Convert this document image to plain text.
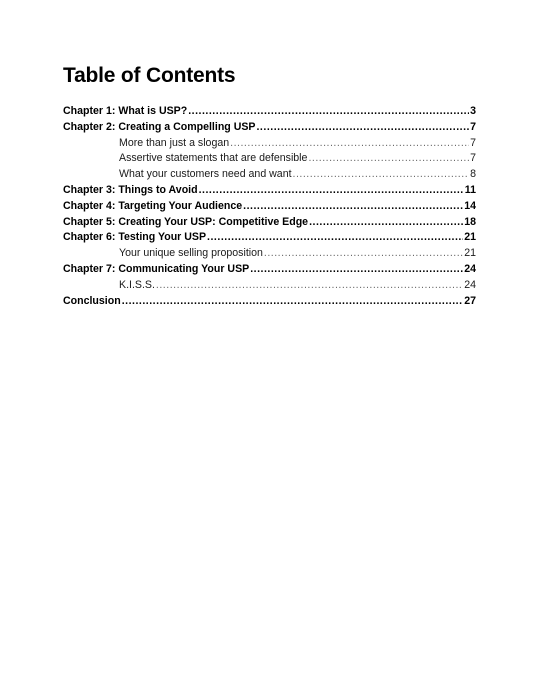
Table of Contents
Chapter 1: What is USP? .....	3
Chapter 2: Creating a Compelling USP .....	7
More than just a slogan .....	7
Assertive statements that are defensible .....	7
What your customers need and want .....	8
Chapter 3: Things to Avoid .....	11
Chapter 4: Targeting Your Audience .....	14
Chapter 5: Creating Your USP: Competitive Edge .....	18
Chapter 6: Testing Your USP .....	21
Your unique selling proposition .....	21
Chapter 7: Communicating Your USP .....	24
K.I.S.S. .....	24
Conclusion .....	27
